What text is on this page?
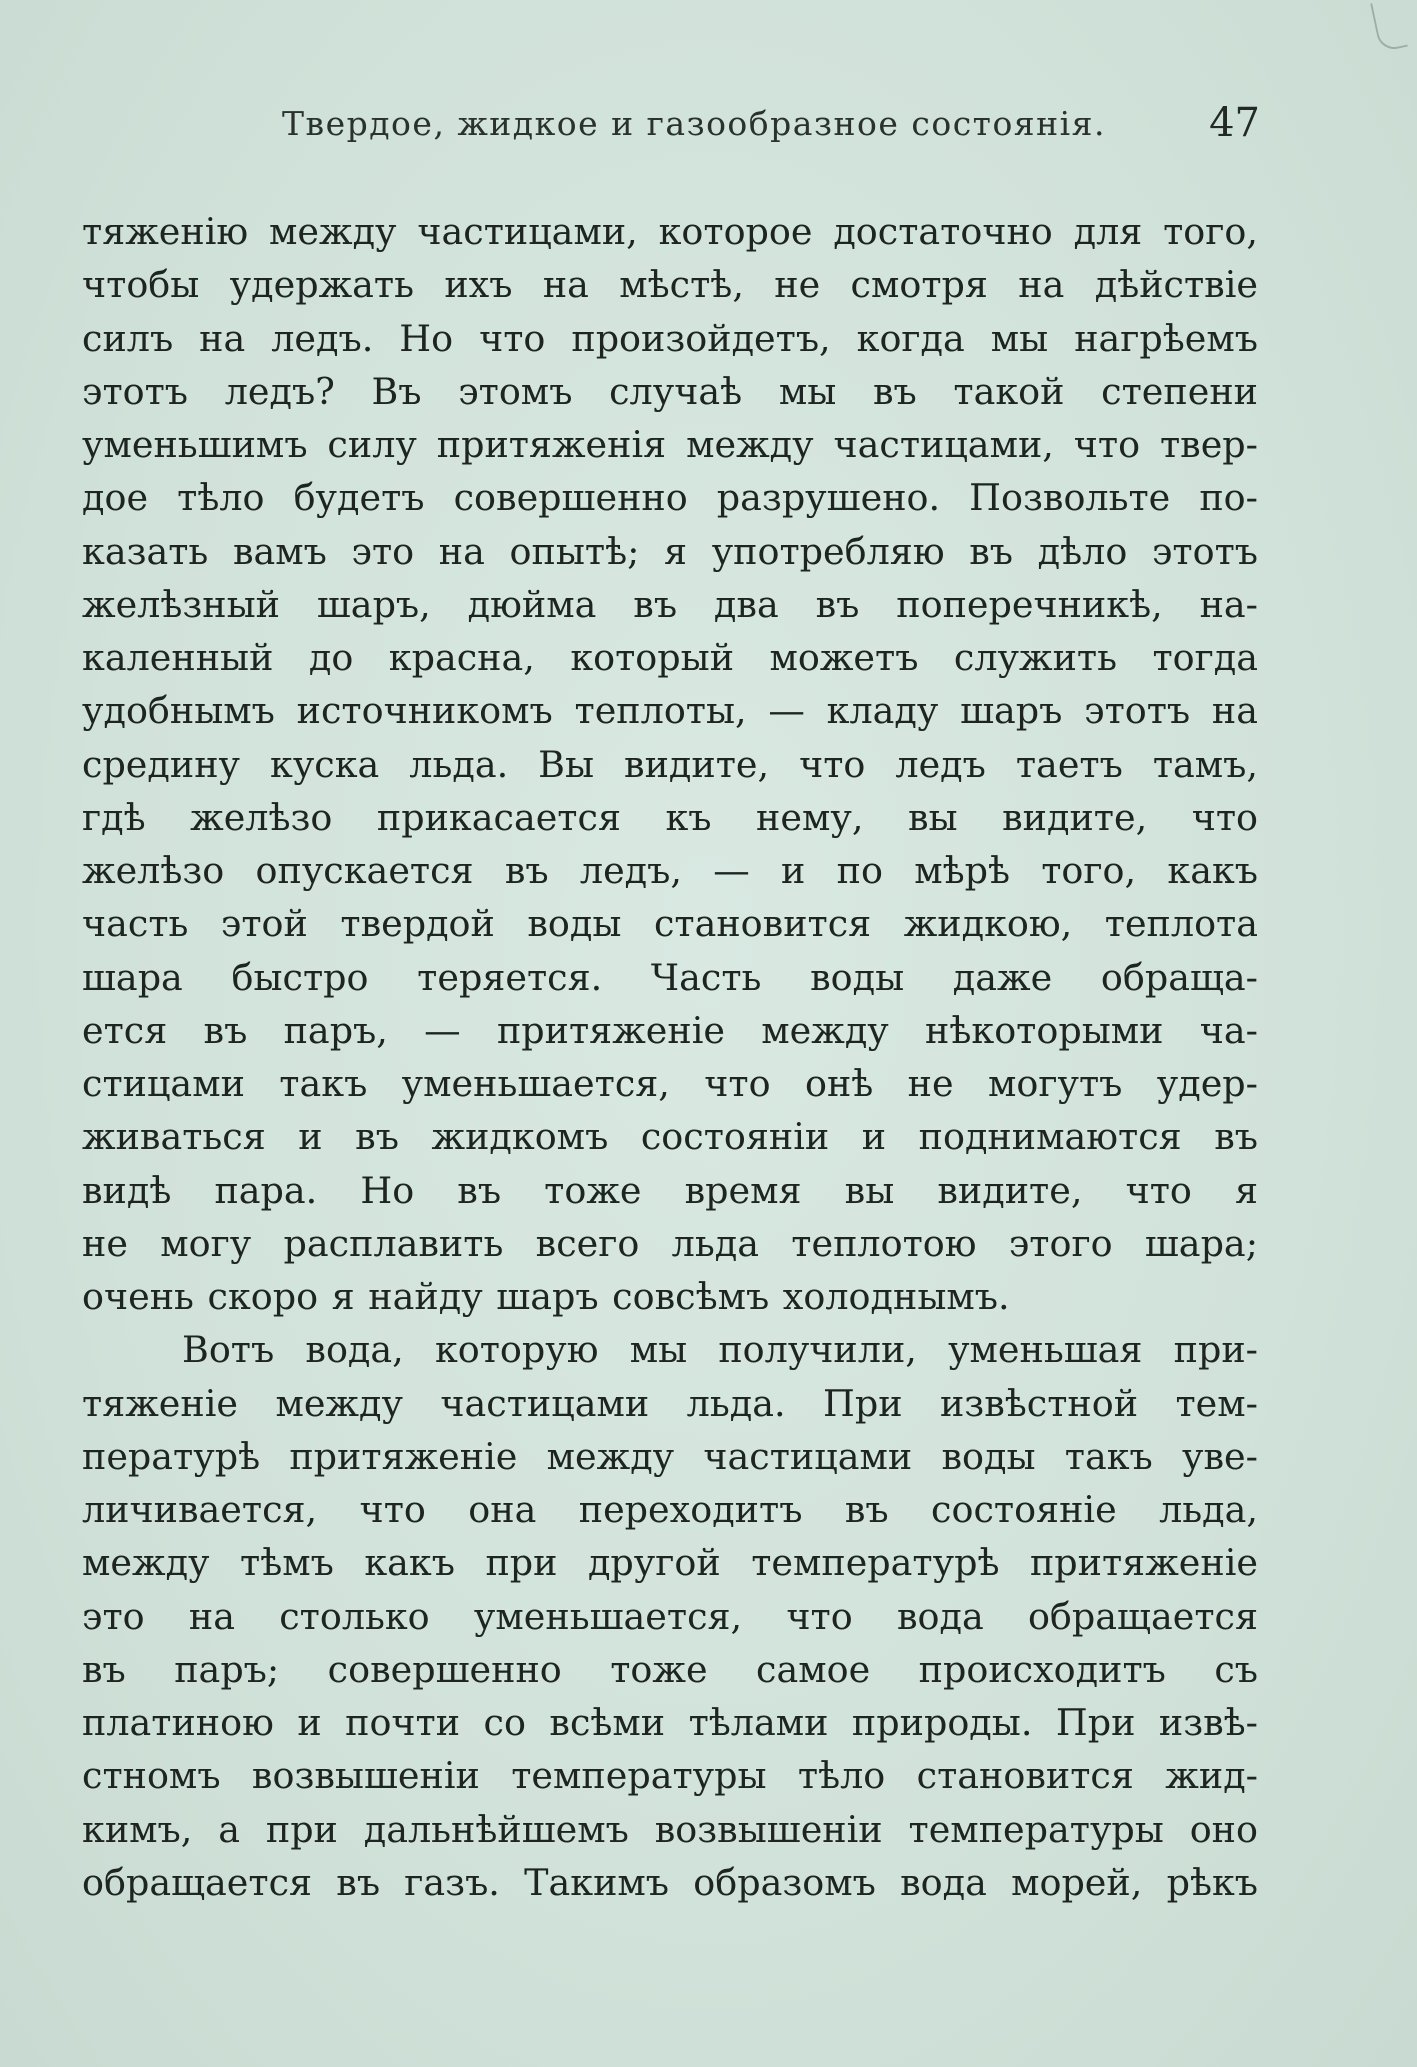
Твердое, жидкое и газообразное состоянія.	47
тяженію между частицами, которое достаточно для того,
чтобы удержать ихъ на мѣстѣ, не смотря на дѣйствіе
силъ на ледъ. Но что произойдетъ, когда мы нагрѣемъ
этотъ ледъ? Въ этомъ случаѣ мы въ такой степени
уменьшимъ силу притяженія между частицами, что твер-
дое тѣло будетъ совершенно разрушено. Позвольте по-
казать вамъ это на опытѣ; я употребляю въ дѣло этотъ
желѣзный шаръ, дюйма въ два въ поперечникѣ, на-
каленный до красна, который можетъ служить тогда
удобнымъ источникомъ теплоты, — кладу шаръ этотъ на
средину куска льда. Вы видите, что ледъ таетъ тамъ,
гдѣ желѣзо прикасается къ нему, вы видите, что
желѣзо опускается въ ледъ, — и по мѣрѣ того, какъ
часть этой твердой воды становится жидкою, теплота
шара быстро теряется. Часть воды даже обраща-
ется въ паръ, — притяженіе между нѣкоторыми ча-
стицами такъ уменьшается, что онѣ не могутъ удер-
живаться и въ жидкомъ состояніи и поднимаются въ
видѣ пара. Но въ тоже время вы видите, что я
не могу расплавить всего льда теплотою этого шара;
очень скоро я найду шаръ совсѣмъ холоднымъ.
Вотъ вода, которую мы получили, уменьшая при-
тяженіе между частицами льда. При извѣстной тем-
пературѣ притяженіе между частицами воды такъ уве-
личивается, что она переходитъ въ состояніе льда,
между тѣмъ какъ при другой температурѣ притяженіе
это на столько уменьшается, что вода обращается
въ паръ; совершенно тоже самое происходитъ съ
платиною и почти со всѣми тѣлами природы. При извѣ-
стномъ возвышеніи температуры тѣло становится жид-
кимъ, а при дальнѣйшемъ возвышеніи температуры оно
обращается въ газъ. Такимъ образомъ вода морей, рѣкъ
